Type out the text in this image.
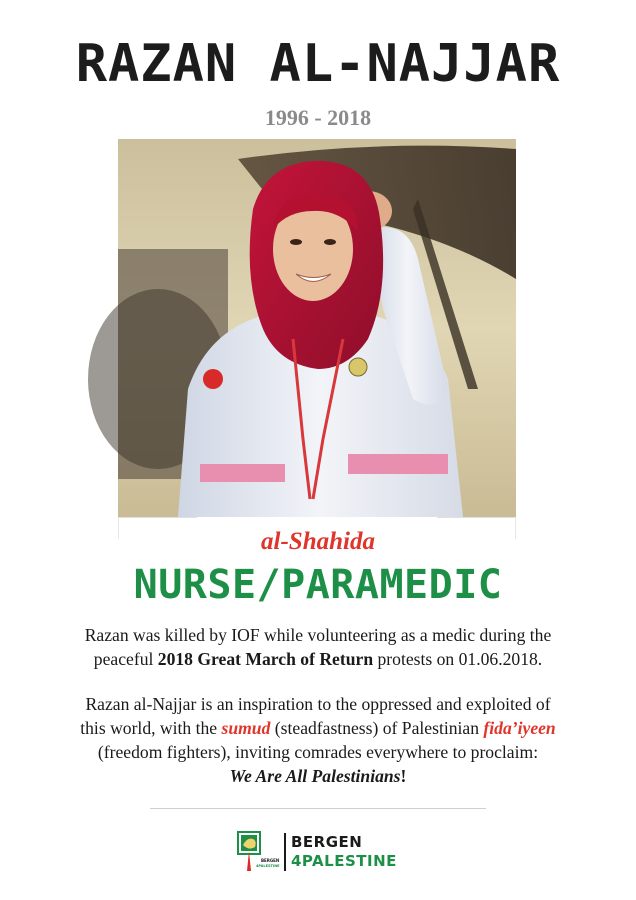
RAZAN AL-NAJJAR
1996 - 2018
al-Shahida
NURSE/PARAMEDIC

Razan was killed by IOF while volunteering as a medic during the
peaceful 2018 Great March of Return protests on 01.06.2018.

Razan al-Najjar is an inspiration to the oppressed and exploited of
this world, with the sumud (steadfastness) of Palestinian fida’iyeen
(freedom fighters), inviting comrades everywhere to proclaim:
We Are All Palestinians!

BERGEN
4PALESTINE
BERGEN
4PALESTINE
